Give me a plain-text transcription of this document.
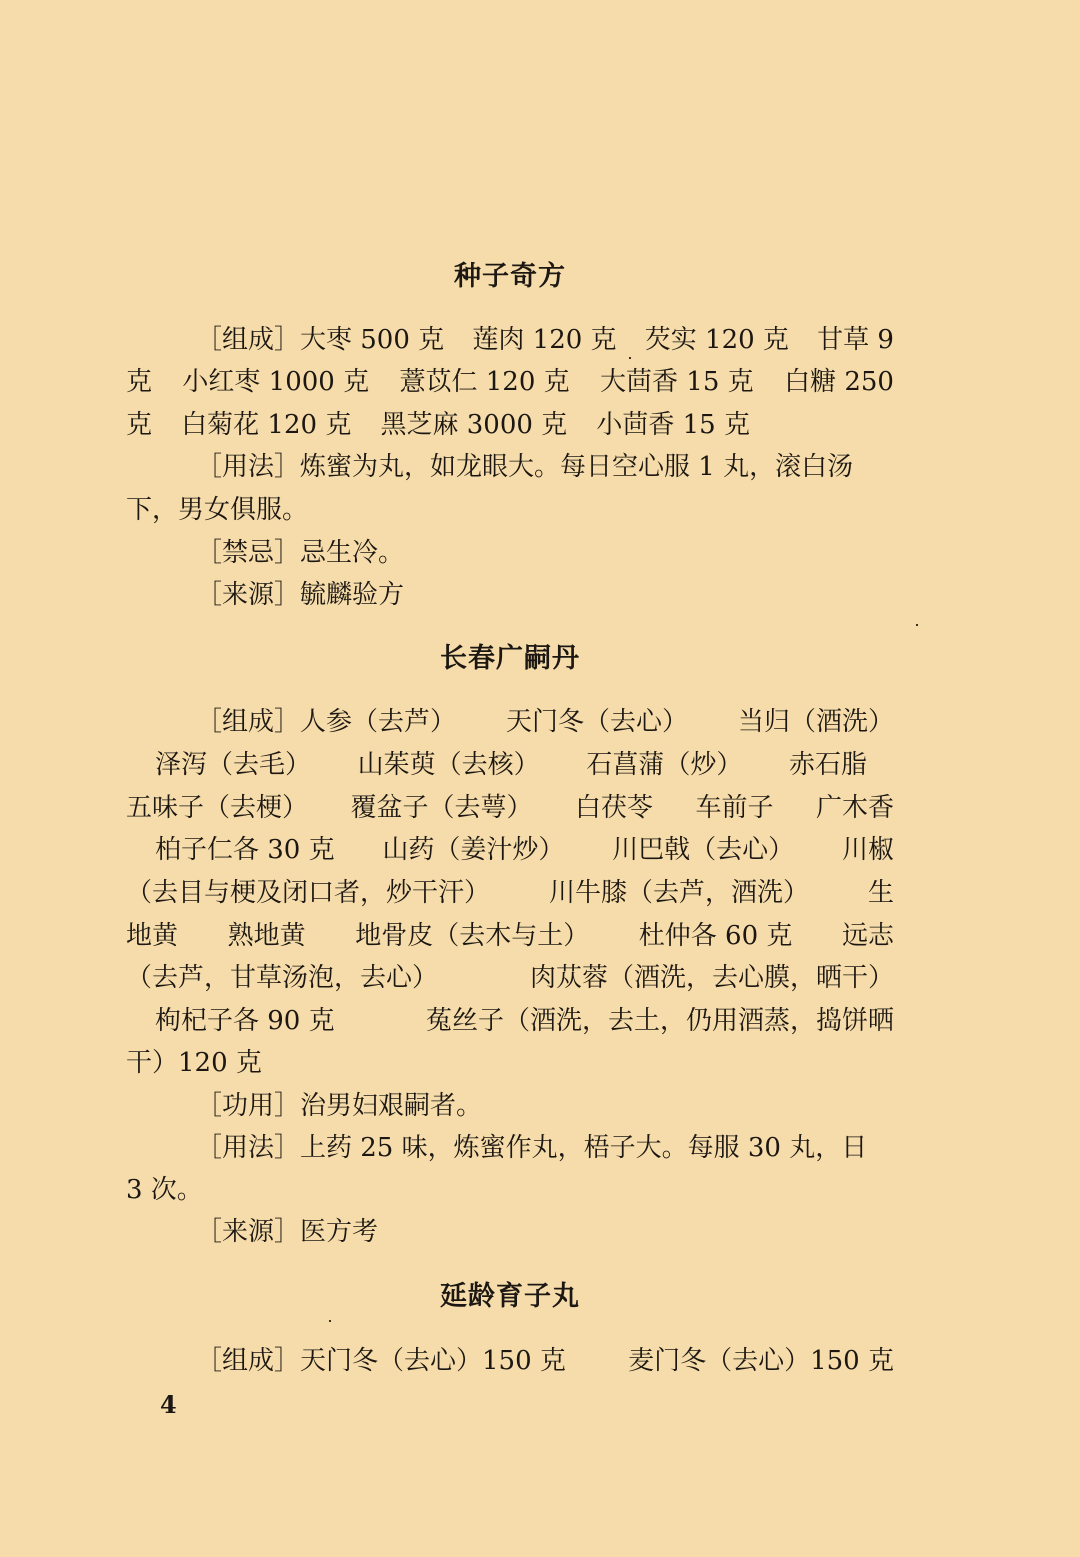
种子奇方
［组成］大枣 500 克 莲肉 120 克 芡实 120 克 甘草 9
克 小红枣 1000 克 薏苡仁 120 克 大茴香 15 克 白糖 250
克 白菊花 120 克 黑芝麻 3000 克 小茴香 15 克
［用法］炼蜜为丸，如龙眼大。每日空心服 1 丸，滚白汤
下，男女俱服。
［禁忌］忌生冷。
［来源］毓麟验方
长春广嗣丹
［组成］人参（去芦） 天门冬（去心） 当归（酒洗）
泽泻（去毛） 山茱萸（去核） 石菖蒲（炒） 赤石脂
五味子（去梗） 覆盆子（去萼） 白茯苓 车前子 广木香
柏子仁各 30 克 山药（姜汁炒） 川巴戟（去心） 川椒
（去目与梗及闭口者，炒干汗） 川牛膝（去芦，酒洗） 生
地黄 熟地黄 地骨皮（去木与土） 杜仲各 60 克 远志
（去芦，甘草汤泡，去心）	肉苁蓉（酒洗，去心膜，晒干）
枸杞子各 90 克	菟丝子（酒洗，去土，仍用酒蒸，捣饼晒
干）120 克
［功用］治男妇艰嗣者。
［用法］上药 25 味，炼蜜作丸，梧子大。每服 30 丸，日
3 次。
［来源］医方考
延龄育子丸
［组成］天门冬（去心）150 克 麦门冬（去心）150 克
4
